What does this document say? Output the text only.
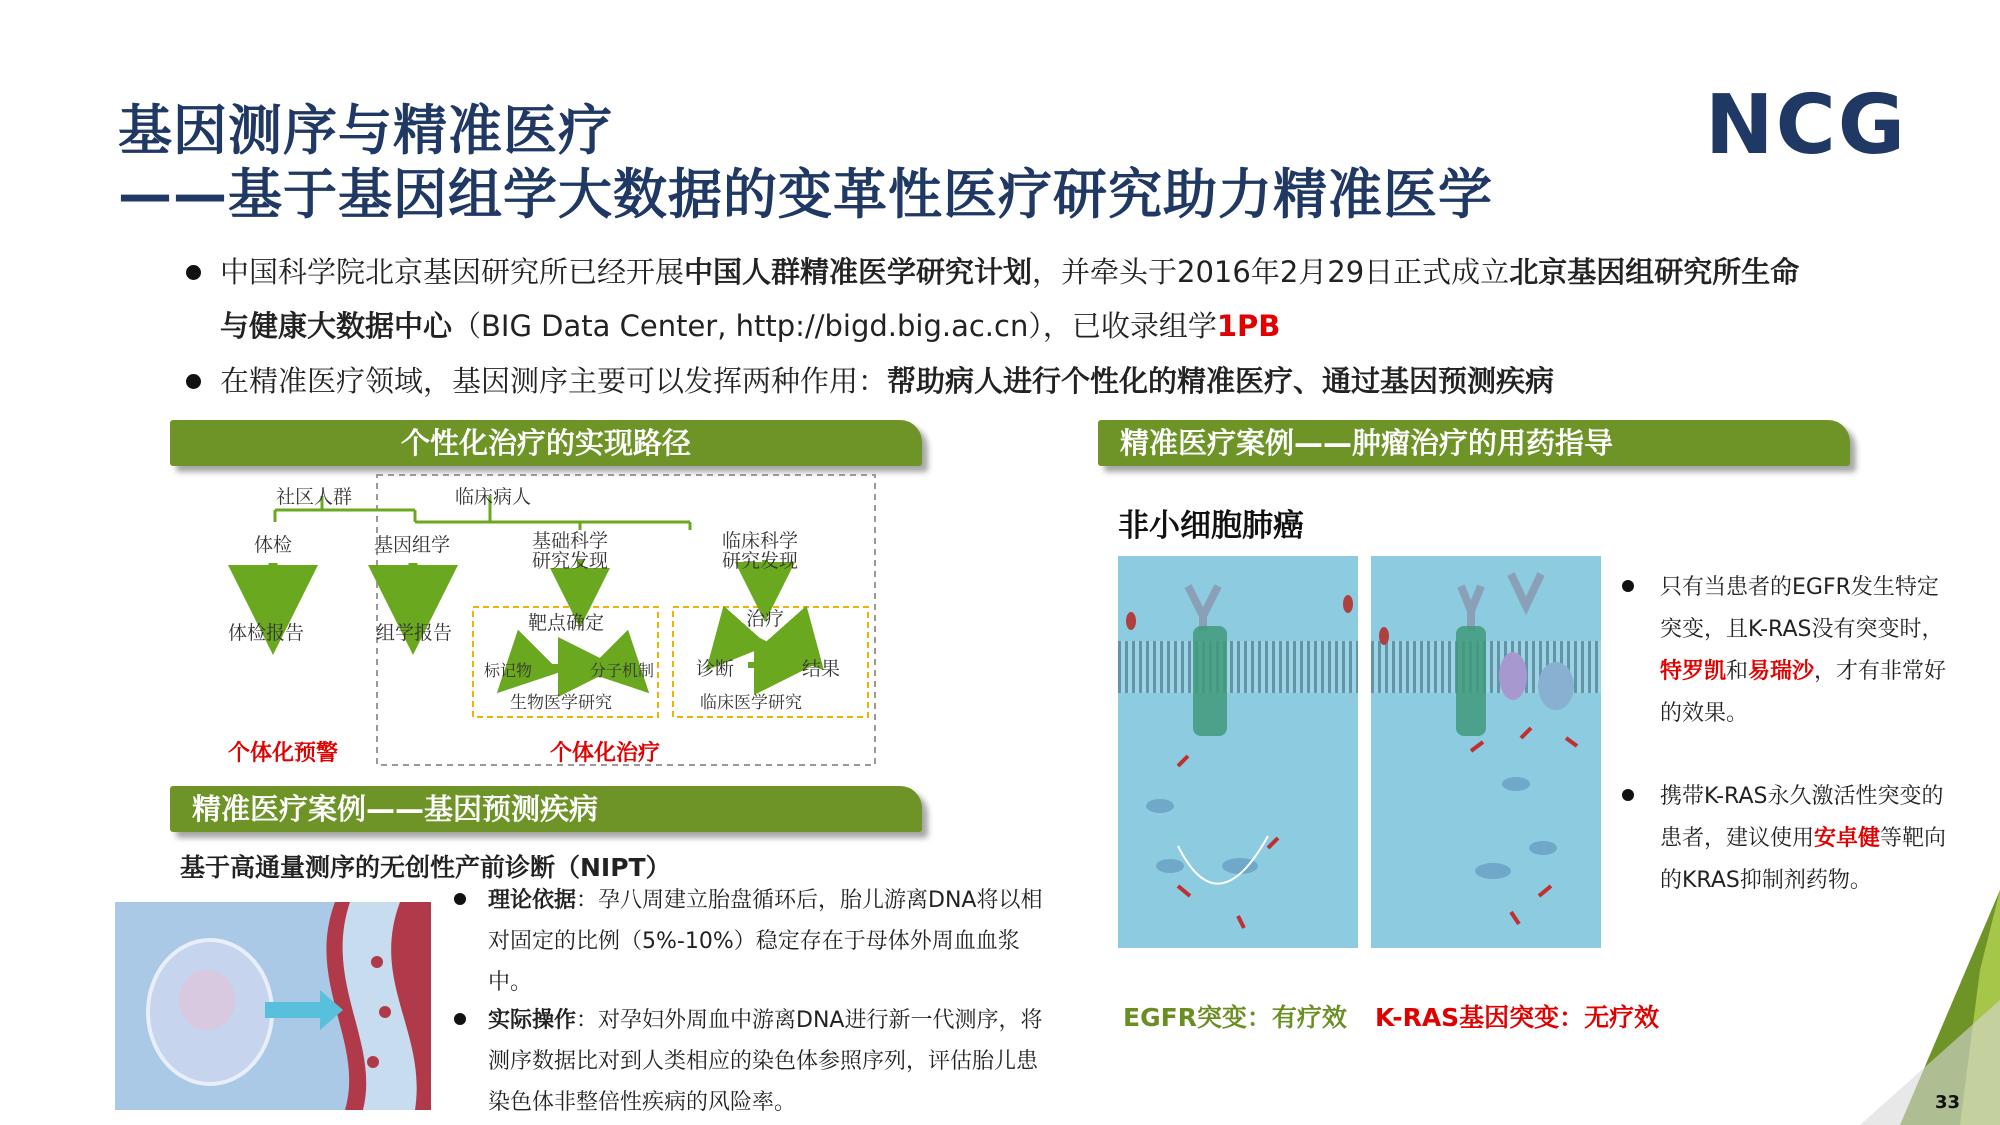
基因测序与精准医疗
——基于基因组学大数据的变革性医疗研究助力精准医学
NCG
中国科学院北京基因研究所已经开展中国人群精准医学研究计划，并牵头于2016年2月29日正式成立北京基因组研究所生命
与健康大数据中心（BIG Data Center, http://bigd.big.ac.cn），已收录组学1PB
在精准医疗领域，基因测序主要可以发挥两种作用：帮助病人进行个性化的精准医疗、通过基因预测疾病
个性化治疗的实现路径
社区人群	临床病人
体检	基因组学	基础科学
研究发现
临床科学
研究发现
体检报告	组学报告	靶点确定
标记物	分子机制
生物医学研究
治疗
诊断	结果
临床医学研究
个体化预警	个体化治疗
精准医疗案例——基因预测疾病
基于高通量测序的无创性产前诊断（NIPT）
理论依据：孕八周建立胎盘循环后，胎儿游离DNA将以相对固定的比例（5%-10%）稳定存在于母体外周血血浆中。
实际操作：对孕妇外周血中游离DNA进行新一代测序，将测序数据比对到人类相应的染色体参照序列，评估胎儿患染色体非整倍性疾病的风险率。
精准医疗案例——肿瘤治疗的用药指导
非小细胞肺癌
只有当患者的EGFR发生特定突变，且K-RAS没有突变时，特罗凯和易瑞沙，才有非常好的效果。
携带K-RAS永久激活性突变的患者，建议使用安卓健等靶向的KRAS抑制剂药物。
EGFR突变：有疗效 K-RAS基因突变：无疗效
33
